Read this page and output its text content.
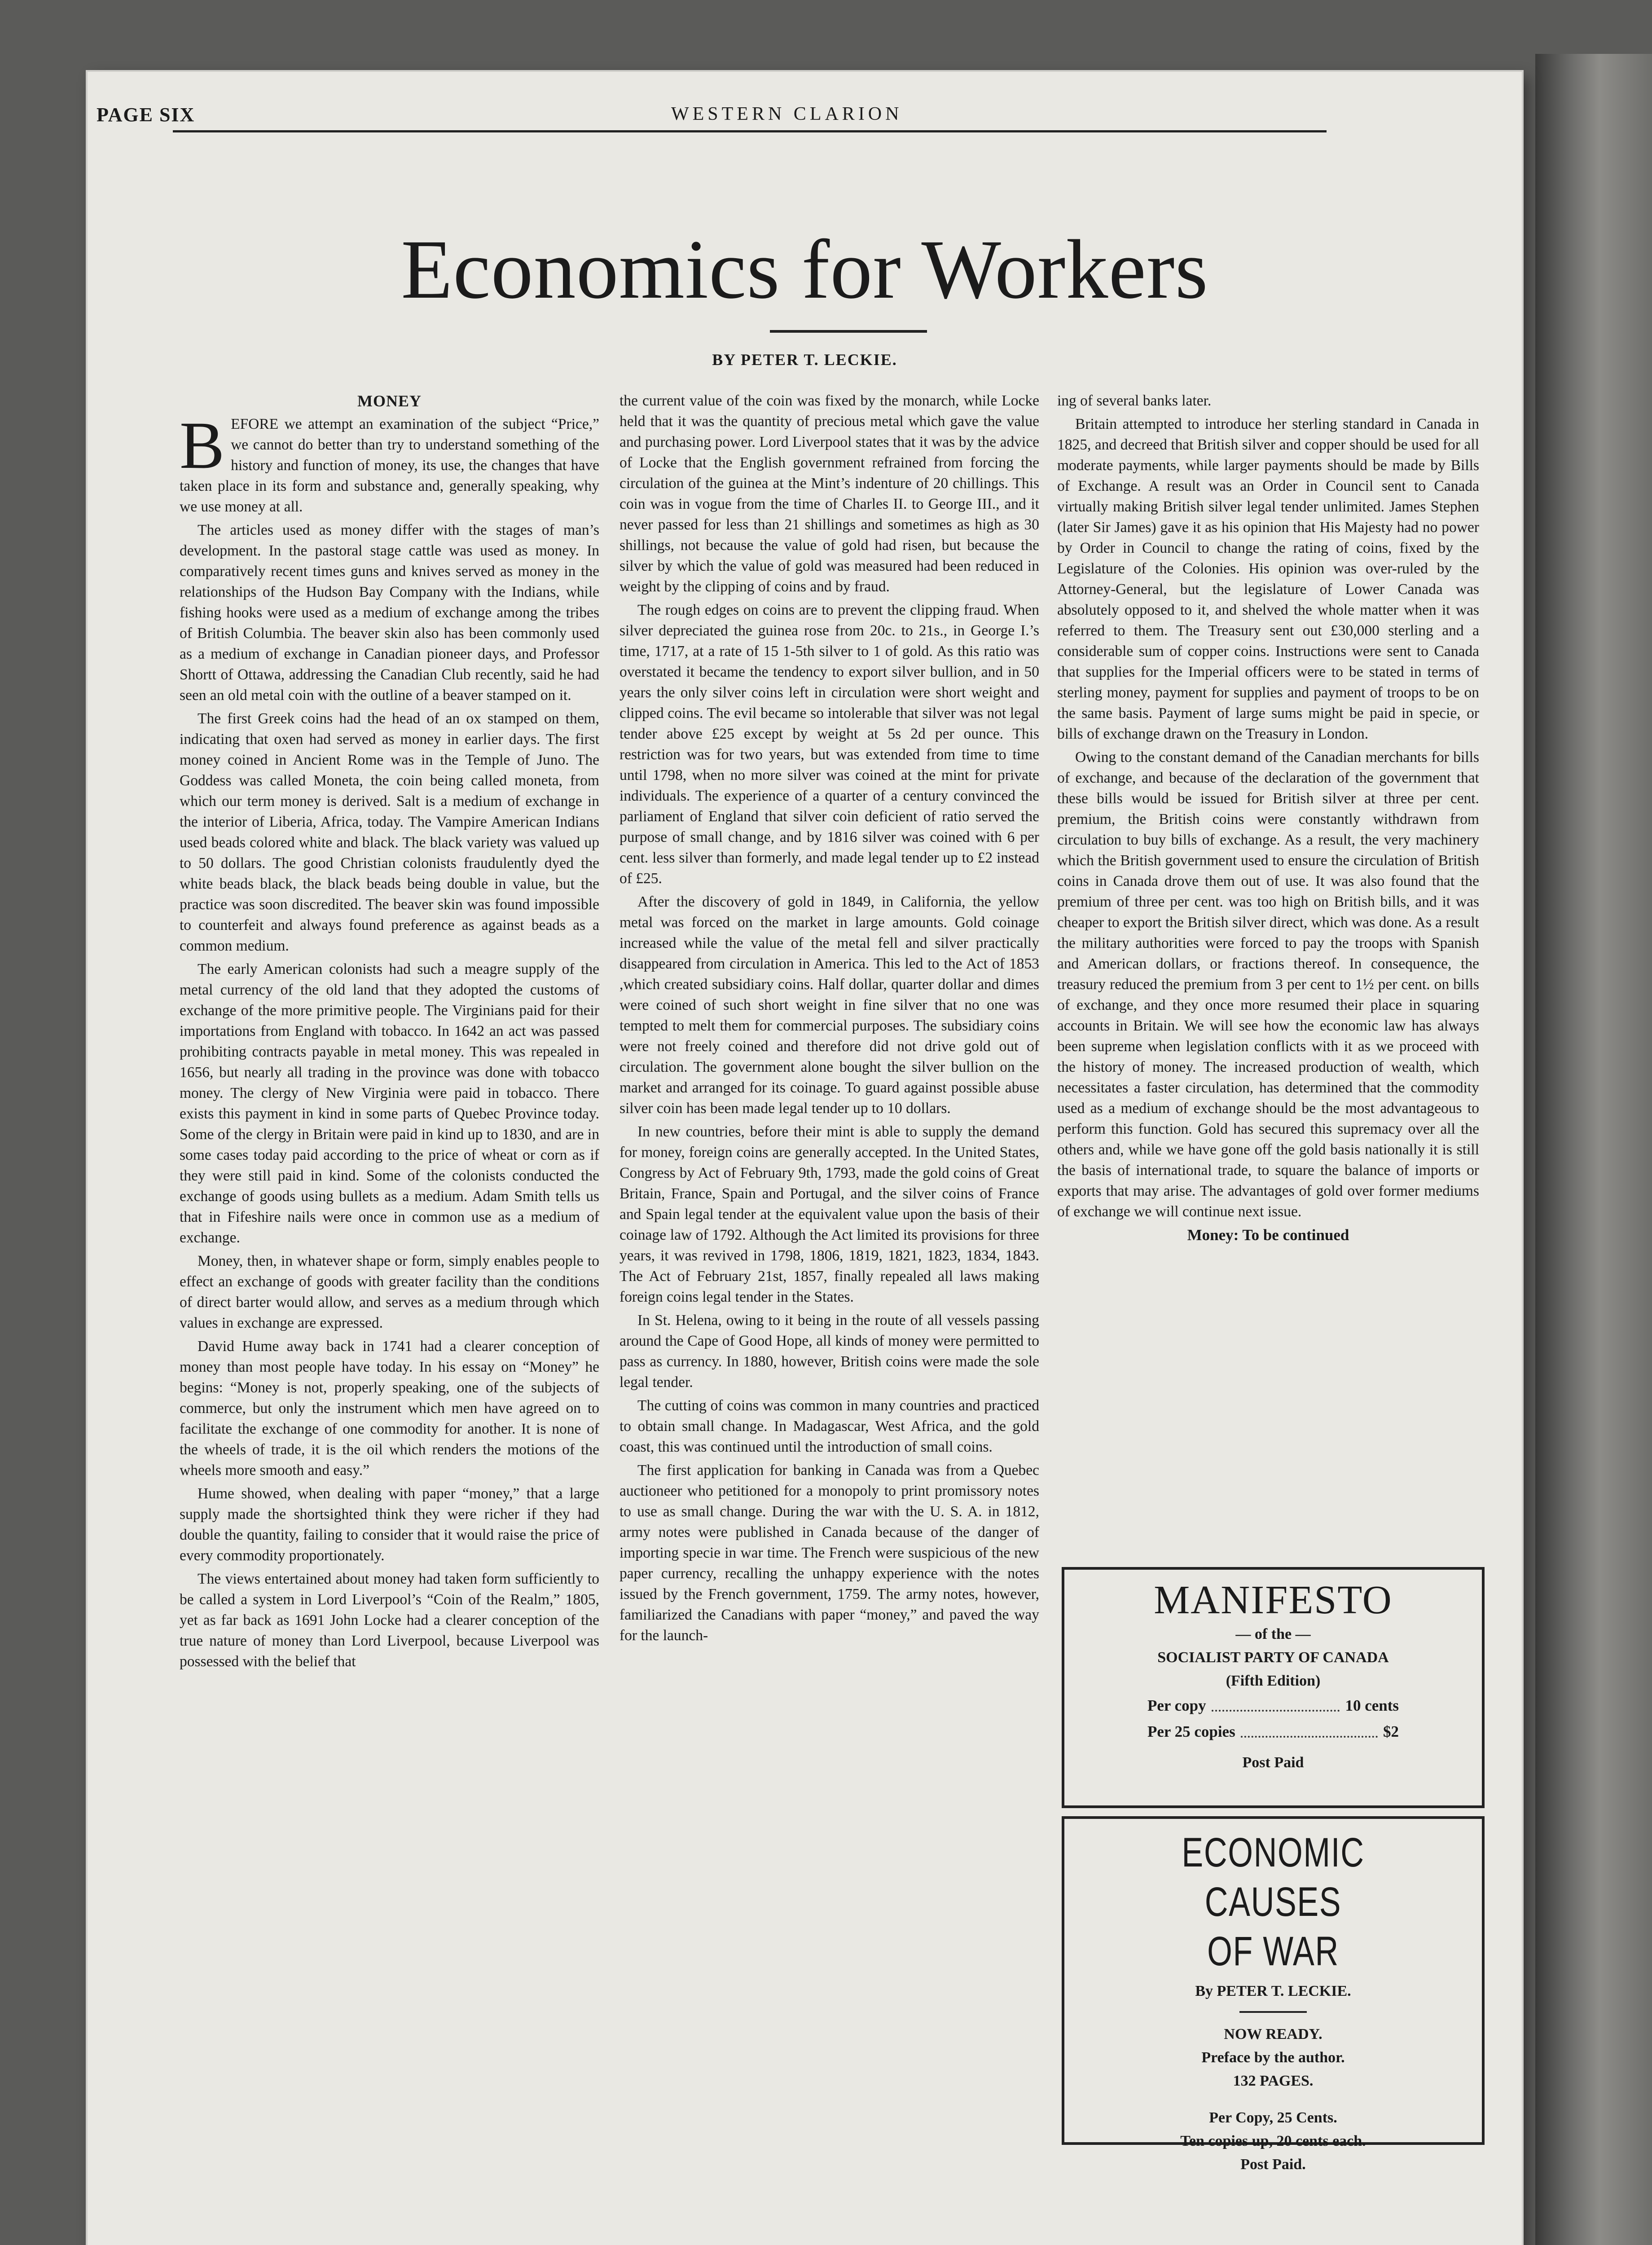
PAGE SIX	WESTERN CLARION
Economics for Workers
BY PETER T. LECKIE.
MONEY

BEFORE we attempt an examination of the subject “Price,” we cannot do better than try to understand something of the history and function of money, its use, the changes that have taken place in its form and substance and, generally speaking, why we use money at all.

The articles used as money differ with the stages of man’s development. In the pastoral stage cattle was used as money. In comparatively recent times guns and knives served as money in the relationships of the Hudson Bay Company with the Indians, while fishing hooks were used as a medium of exchange among the tribes of British Columbia. The beaver skin also has been commonly used as a medium of exchange in Canadian pioneer days, and Professor Shortt of Ottawa, addressing the Canadian Club recently, said he had seen an old metal coin with the outline of a beaver stamped on it.

The first Greek coins had the head of an ox stamped on them, indicating that oxen had served as money in earlier days. The first money coined in Ancient Rome was in the Temple of Juno. The Goddess was called Moneta, the coin being called moneta, from which our term money is derived. Salt is a medium of exchange in the interior of Liberia, Africa, today. The Vampire American Indians used beads colored white and black. The black variety was valued up to 50 dollars. The good Christian colonists fraudulently dyed the white beads black, the black beads being double in value, but the practice was soon discredited. The beaver skin was found impossible to counterfeit and always found preference as against beads as a common medium.

The early American colonists had such a meagre supply of the metal currency of the old land that they adopted the customs of exchange of the more primitive people. The Virginians paid for their importations from England with tobacco. In 1642 an act was passed prohibiting contracts payable in metal money. This was repealed in 1656, but nearly all trading in the province was done with tobacco money. The clergy of New Virginia were paid in tobacco. There exists this payment in kind in some parts of Quebec Province today. Some of the clergy in Britain were paid in kind up to 1830, and are in some cases today paid according to the price of wheat or corn as if they were still paid in kind. Some of the colonists conducted the exchange of goods using bullets as a medium. Adam Smith tells us that in Fifeshire nails were once in common use as a medium of exchange.

Money, then, in whatever shape or form, simply enables people to effect an exchange of goods with greater facility than the conditions of direct barter would allow, and serves as a medium through which values in exchange are expressed.

David Hume away back in 1741 had a clearer conception of money than most people have today. In his essay on “Money” he begins: “Money is not, properly speaking, one of the subjects of commerce, but only the instrument which men have agreed on to facilitate the exchange of one commodity for another. It is none of the wheels of trade, it is the oil which renders the motions of the wheels more smooth and easy.”

Hume showed, when dealing with paper “money,” that a large supply made the shortsighted think they were richer if they had double the quantity, failing to consider that it would raise the price of every commodity proportionately.

The views entertained about money had taken form sufficiently to be called a system in Lord Liverpool’s “Coin of the Realm,” 1805, yet as far back as 1691 John Locke had a clearer conception of the true nature of money than Lord Liverpool, because Liverpool was possessed with the belief that

the current value of the coin was fixed by the monarch, while Locke held that it was the quantity of precious metal which gave the value and purchasing power. Lord Liverpool states that it was by the advice of Locke that the English government refrained from forcing the circulation of the guinea at the Mint’s indenture of 20 chillings. This coin was in vogue from the time of Charles II. to George III., and it never passed for less than 21 shillings and sometimes as high as 30 shillings, not because the value of gold had risen, but because the silver by which the value of gold was measured had been reduced in weight by the clipping of coins and by fraud.

The rough edges on coins are to prevent the clipping fraud. When silver depreciated the guinea rose from 20c. to 21s., in George I.’s time, 1717, at a rate of 15 1-5th silver to 1 of gold. As this ratio was overstated it became the tendency to export silver bullion, and in 50 years the only silver coins left in circulation were short weight and clipped coins. The evil became so intolerable that silver was not legal tender above £25 except by weight at 5s 2d per ounce. This restriction was for two years, but was extended from time to time until 1798, when no more silver was coined at the mint for private individuals. The experience of a quarter of a century convinced the parliament of England that silver coin deficient of ratio served the purpose of small change, and by 1816 silver was coined with 6 per cent. less silver than formerly, and made legal tender up to £2 instead of £25.

After the discovery of gold in 1849, in California, the yellow metal was forced on the market in large amounts. Gold coinage increased while the value of the metal fell and silver practically disappeared from circulation in America. This led to the Act of 1853 ,which created subsidiary coins. Half dollar, quarter dollar and dimes were coined of such short weight in fine silver that no one was tempted to melt them for commercial purposes. The subsidiary coins were not freely coined and therefore did not drive gold out of circulation. The government alone bought the silver bullion on the market and arranged for its coinage. To guard against possible abuse silver coin has been made legal tender up to 10 dollars.

In new countries, before their mint is able to supply the demand for money, foreign coins are generally accepted. In the United States, Congress by Act of February 9th, 1793, made the gold coins of Great Britain, France, Spain and Portugal, and the silver coins of France and Spain legal tender at the equivalent value upon the basis of their coinage law of 1792. Although the Act limited its provisions for three years, it was revived in 1798, 1806, 1819, 1821, 1823, 1834, 1843. The Act of February 21st, 1857, finally repealed all laws making foreign coins legal tender in the States.

In St. Helena, owing to it being in the route of all vessels passing around the Cape of Good Hope, all kinds of money were permitted to pass as currency. In 1880, however, British coins were made the sole legal tender.

The cutting of coins was common in many countries and practiced to obtain small change. In Madagascar, West Africa, and the gold coast, this was continued until the introduction of small coins.

The first application for banking in Canada was from a Quebec auctioneer who petitioned for a monopoly to print promissory notes to use as small change. During the war with the U. S. A. in 1812, army notes were published in Canada because of the danger of importing specie in war time. The French were suspicious of the new paper currency, recalling the unhappy experience with the notes issued by the French government, 1759. The army notes, however, familiarized the Canadians with paper “money,” and paved the way for the launch-

ing of several banks later.

Britain attempted to introduce her sterling standard in Canada in 1825, and decreed that British silver and copper should be used for all moderate payments, while larger payments should be made by Bills of Exchange. A result was an Order in Council sent to Canada virtually making British silver legal tender unlimited. James Stephen (later Sir James) gave it as his opinion that His Majesty had no power by Order in Council to change the rating of coins, fixed by the Legislature of the Colonies. His opinion was over-ruled by the Attorney-General, but the legislature of Lower Canada was absolutely opposed to it, and shelved the whole matter when it was referred to them. The Treasury sent out £30,000 sterling and a considerable sum of copper coins. Instructions were sent to Canada that supplies for the Imperial officers were to be stated in terms of sterling money, payment for supplies and payment of troops to be on the same basis. Payment of large sums might be paid in specie, or bills of exchange drawn on the Treasury in London.

Owing to the constant demand of the Canadian merchants for bills of exchange, and because of the declaration of the government that these bills would be issued for British silver at three per cent. premium, the British coins were constantly withdrawn from circulation to buy bills of exchange. As a result, the very machinery which the British government used to ensure the circulation of British coins in Canada drove them out of use. It was also found that the premium of three per cent. was too high on British bills, and it was cheaper to export the British silver direct, which was done. As a result the military authorities were forced to pay the troops with Spanish and American dollars, or fractions thereof. In consequence, the treasury reduced the premium from 3 per cent to 1½ per cent. on bills of exchange, and they once more resumed their place in squaring accounts in Britain. We will see how the economic law has always been supreme when legislation conflicts with it as we proceed with the history of money. The increased production of wealth, which necessitates a faster circulation, has determined that the commodity used as a medium of exchange should be the most advantageous to perform this function. Gold has secured this supremacy over all the others and, while we have gone off the gold basis nationally it is still the basis of international trade, to square the balance of imports or exports that may arise. The advantages of gold over former mediums of exchange we will continue next issue.

Money: To be continued
MANIFESTO
— of the —
SOCIALIST PARTY OF CANADA
(Fifth Edition)
Per copy	10 cents
Per 25 copies	$2
Post Paid
ECONOMIC CAUSES
OF WAR
By PETER T. LECKIE.
NOW READY.
Preface by the author.
132 PAGES.
Per Copy, 25 Cents.
Ten copies up, 20 cents each.
Post Paid.
